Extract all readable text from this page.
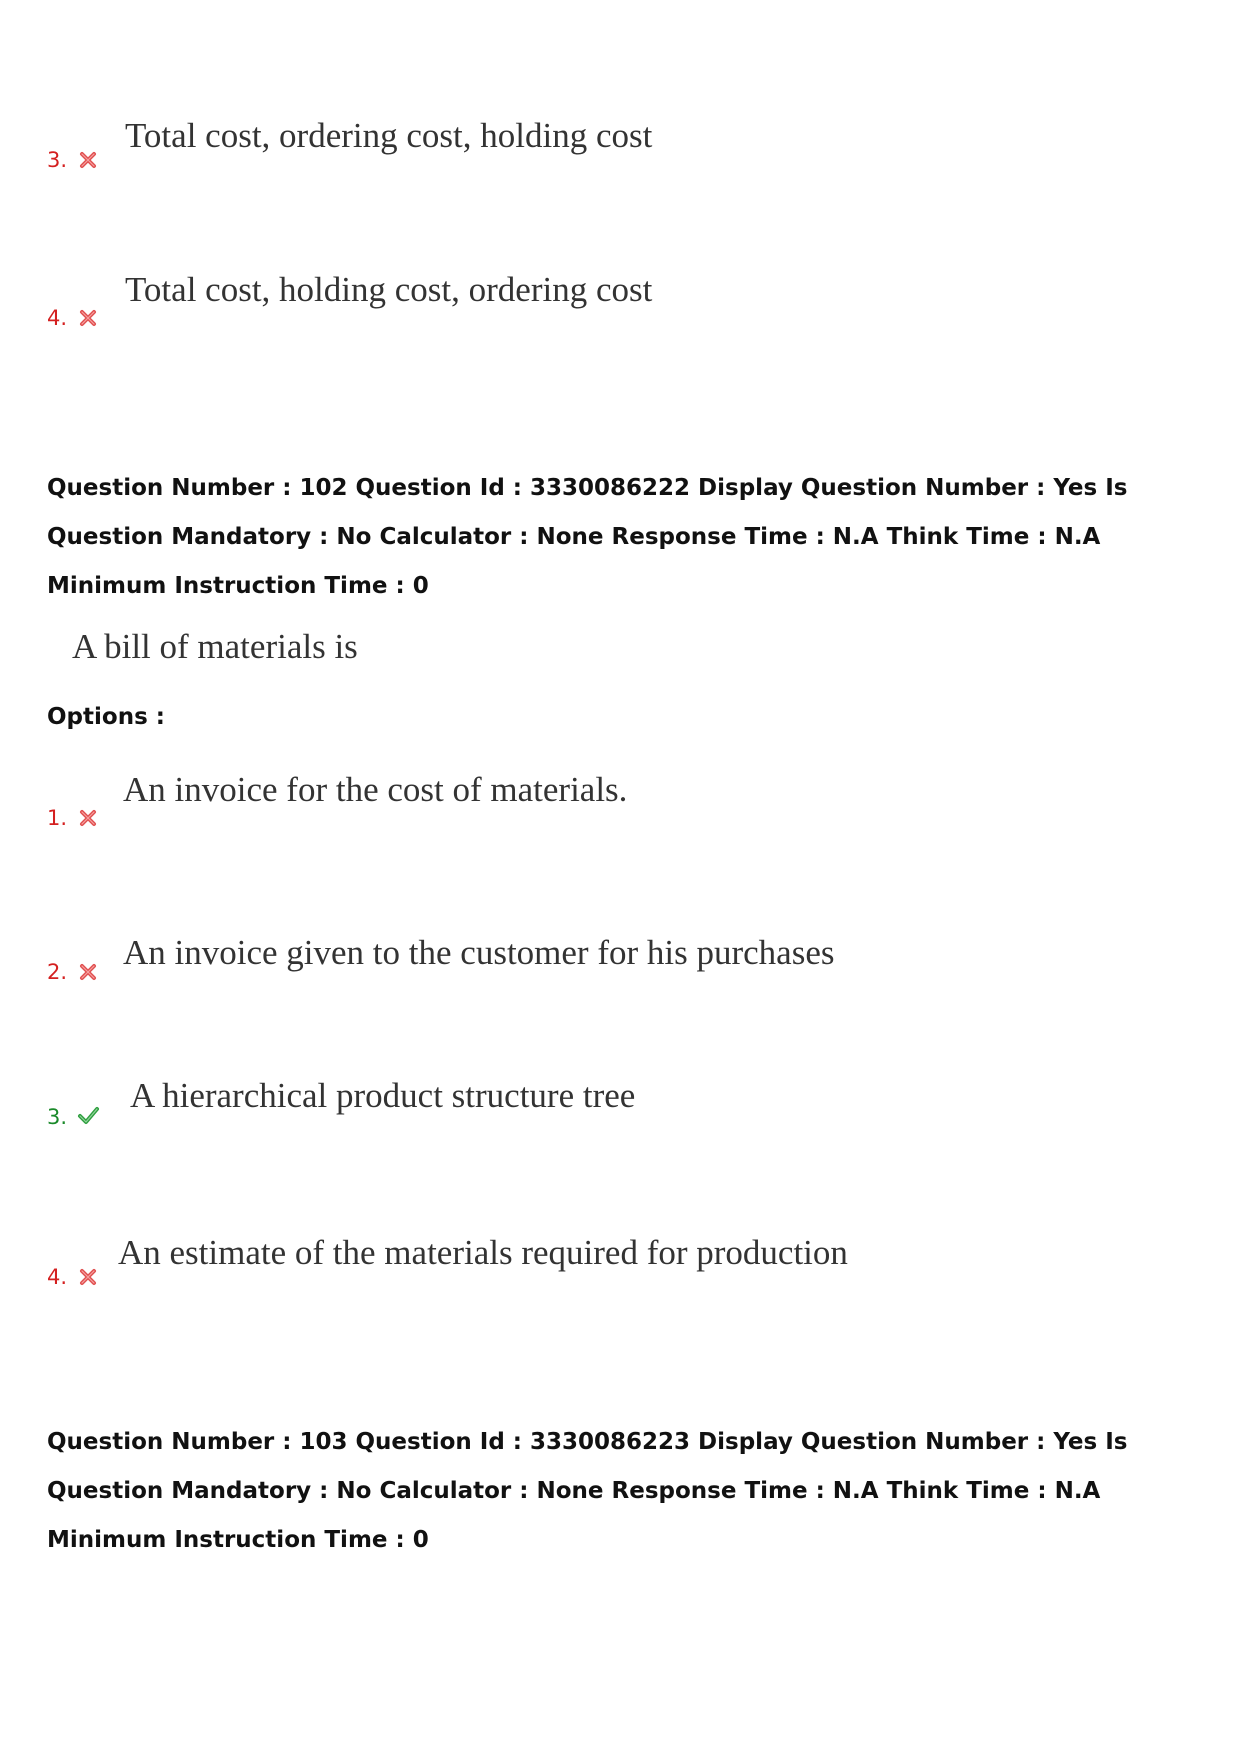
3.
Total cost, ordering cost, holding cost
4.
Total cost, holding cost, ordering cost
Question Number : 102 Question Id : 3330086222 Display Question Number : Yes Is Question Mandatory : No Calculator : None Response Time : N.A Think Time : N.A Minimum Instruction Time : 0
A bill of materials is
Options :
1.
An invoice for the cost of materials.
2. An invoice given to the customer for his purchases
3.
A hierarchical product structure tree
4.
An estimate of the materials required for production
Question Number : 103 Question Id : 3330086223 Display Question Number : Yes Is Question Mandatory : No Calculator : None Response Time : N.A Think Time : N.A Minimum Instruction Time : 0
